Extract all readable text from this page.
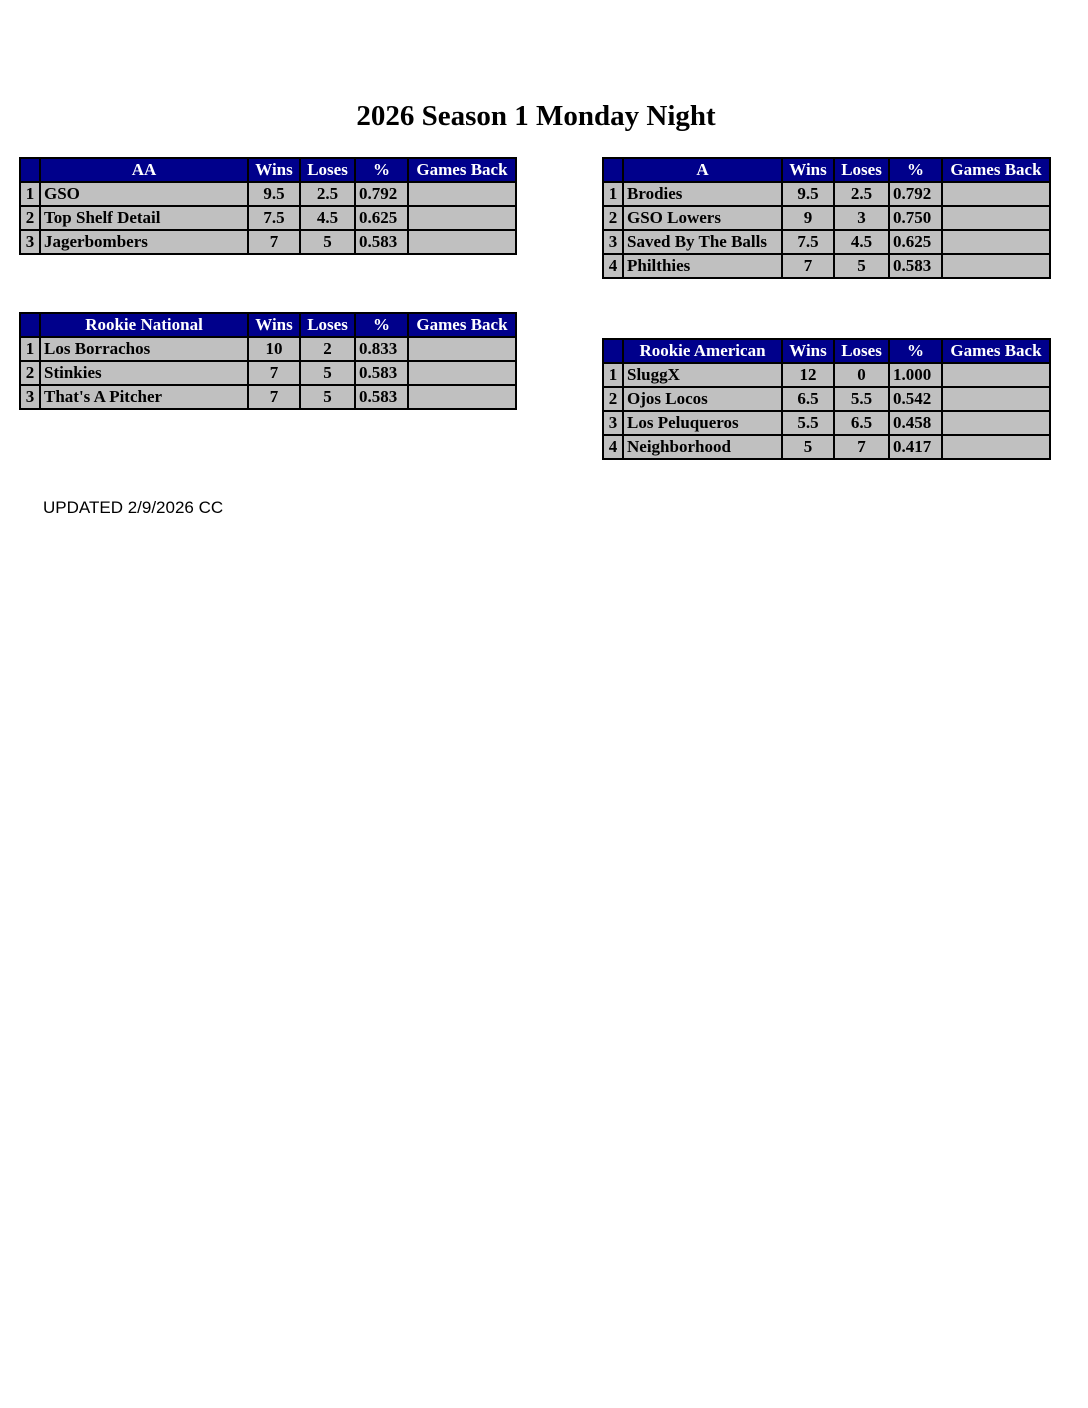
2026 Season 1 Monday Night
	AA	Wins	Loses	%	Games Back
1	GSO	9.5	2.5	0.792	
2	Top Shelf Detail	7.5	4.5	0.625	
3	Jagerbombers	7	5	0.583	
	A	Wins	Loses	%	Games Back
1	Brodies	9.5	2.5	0.792	
2	GSO Lowers	9	3	0.750	
3	Saved By The Balls	7.5	4.5	0.625	
4	Philthies	7	5	0.583	
	Rookie National	Wins	Loses	%	Games Back
1	Los Borrachos	10	2	0.833	
2	Stinkies	7	5	0.583	
3	That's A Pitcher	7	5	0.583	
	Rookie American	Wins	Loses	%	Games Back
1	SluggX	12	0	1.000	
2	Ojos Locos	6.5	5.5	0.542	
3	Los Peluqueros	5.5	6.5	0.458	
4	Neighborhood	5	7	0.417	
UPDATED 2/9/2026 CC
